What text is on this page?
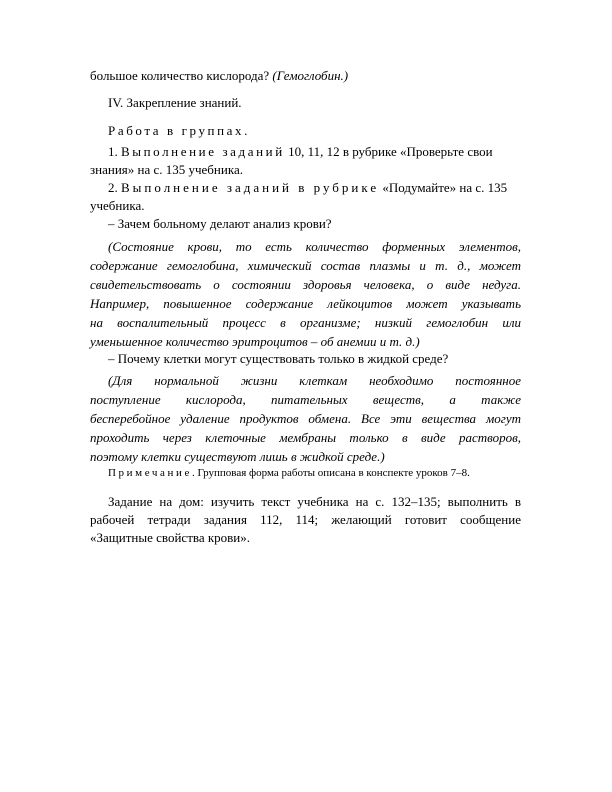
большое количество кислорода? (Гемоглобин.)
IV. Закрепление знаний.
Работа в группах.
1. Выполнение заданий 10, 11, 12 в рубрике «Проверьте свои
знания» на с. 135 учебника.
2. Выполнение заданий в рубрике «Подумайте» на с. 135
учебника.
– Зачем больному делают анализ крови?
(Состояние крови, то есть количество форменных элементов,
содержание гемоглобина, химический состав плазмы и т. д., может
свидетельствовать о состоянии здоровья человека, о виде недуга.
Например, повышенное содержание лейкоцитов может указывать
на воспалительный процесс в организме; низкий гемоглобин или
уменьшенное количество эритроцитов – об анемии и т. д.)
– Почему клетки могут существовать только в жидкой среде?
(Для нормальной жизни клеткам необходимо постоянное
поступление кислорода, питательных веществ, а также
бесперебойное удаление продуктов обмена. Все эти вещества могут
проходить через клеточные мембраны только в виде растворов,
поэтому клетки существуют лишь в жидкой среде.)
Примечание. Групповая форма работы описана в конспекте уроков 7–8.
Задание на дом: изучить текст учебника на с. 132–135; выполнить в
рабочей тетради задания 112, 114; желающий готовит сообщение
«Защитные свойства крови».
